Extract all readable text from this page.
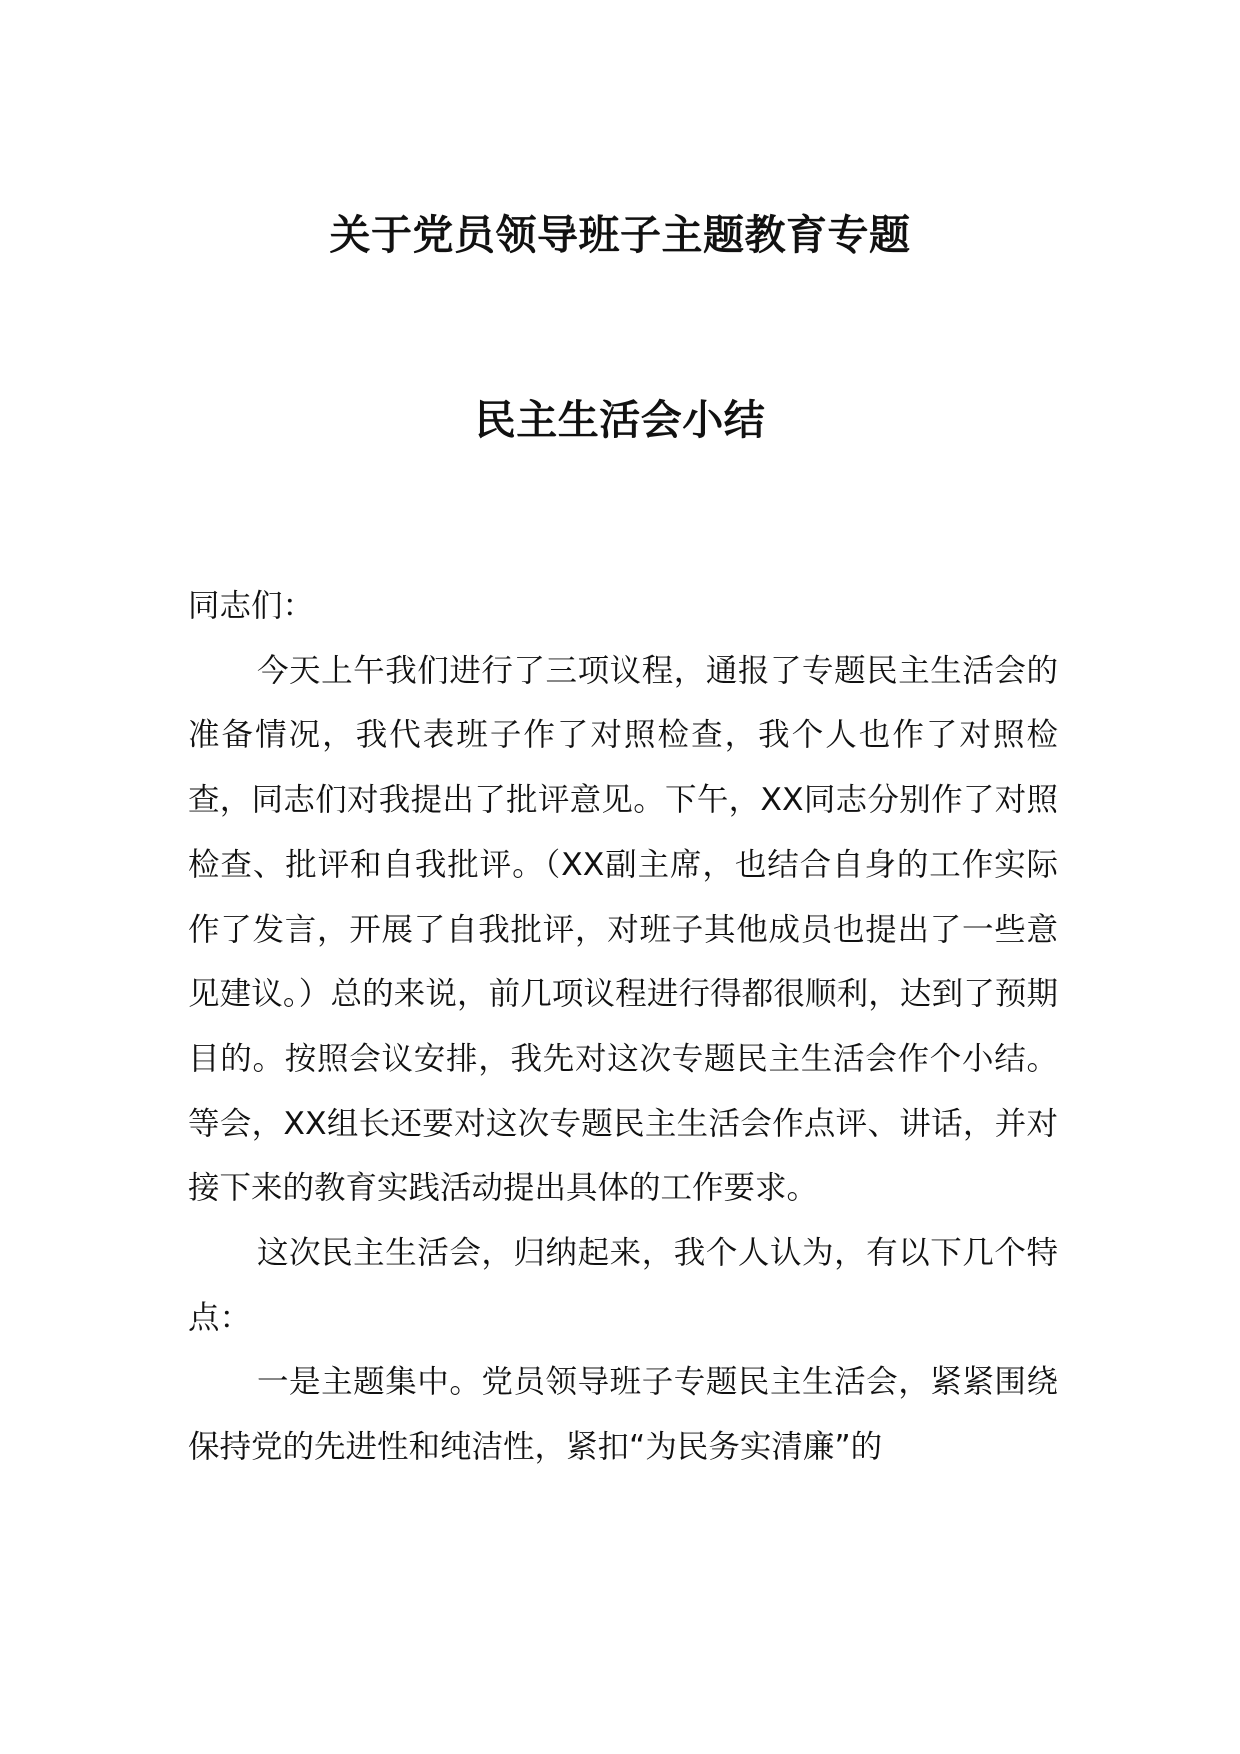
关于党员领导班子主题教育专题
民主生活会小结

同志们：

今天上午我们进行了三项议程，通报了专题民主生活会的准备情况，我代表班子作了对照检查，我个人也作了对照检查，同志们对我提出了批评意见。下午，XX同志分别作了对照检查、批评和自我批评。（XX副主席，也结合自身的工作实际作了发言，开展了自我批评，对班子其他成员也提出了一些意见建议。）总的来说，前几项议程进行得都很顺利，达到了预期目的。按照会议安排，我先对这次专题民主生活会作个小结。等会，XX组长还要对这次专题民主生活会作点评、讲话，并对接下来的教育实践活动提出具体的工作要求。

这次民主生活会，归纳起来，我个人认为，有以下几个特点：

一是主题集中。党员领导班子专题民主生活会，紧紧围绕保持党的先进性和纯洁性，紧扣“为民务实清廉”的
